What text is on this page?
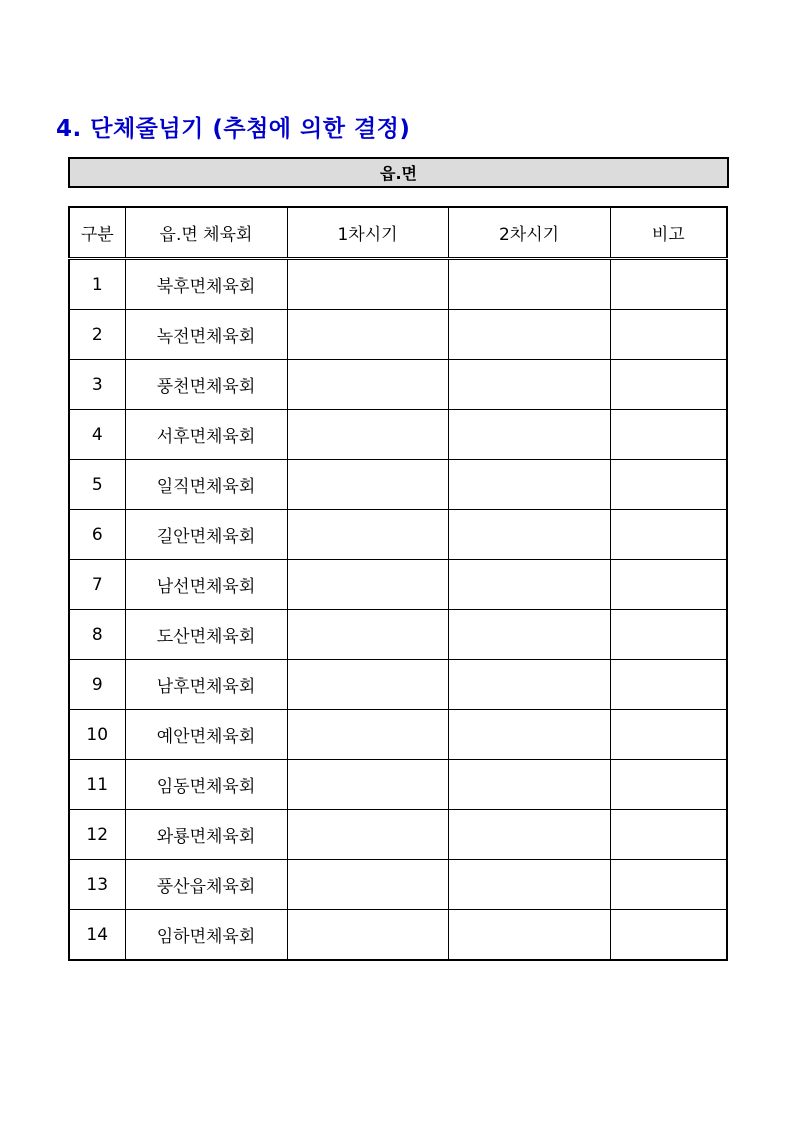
4. 단체줄넘기 (추첨에 의한 결정)
읍.면
구분	읍.면 체육회	1차시기	2차시기	비고
1	북후면체육회			
2	녹전면체육회			
3	풍천면체육회			
4	서후면체육회			
5	일직면체육회			
6	길안면체육회			
7	남선면체육회			
8	도산면체육회			
9	남후면체육회			
10	예안면체육회			
11	임동면체육회			
12	와룡면체육회			
13	풍산읍체육회			
14	임하면체육회			
